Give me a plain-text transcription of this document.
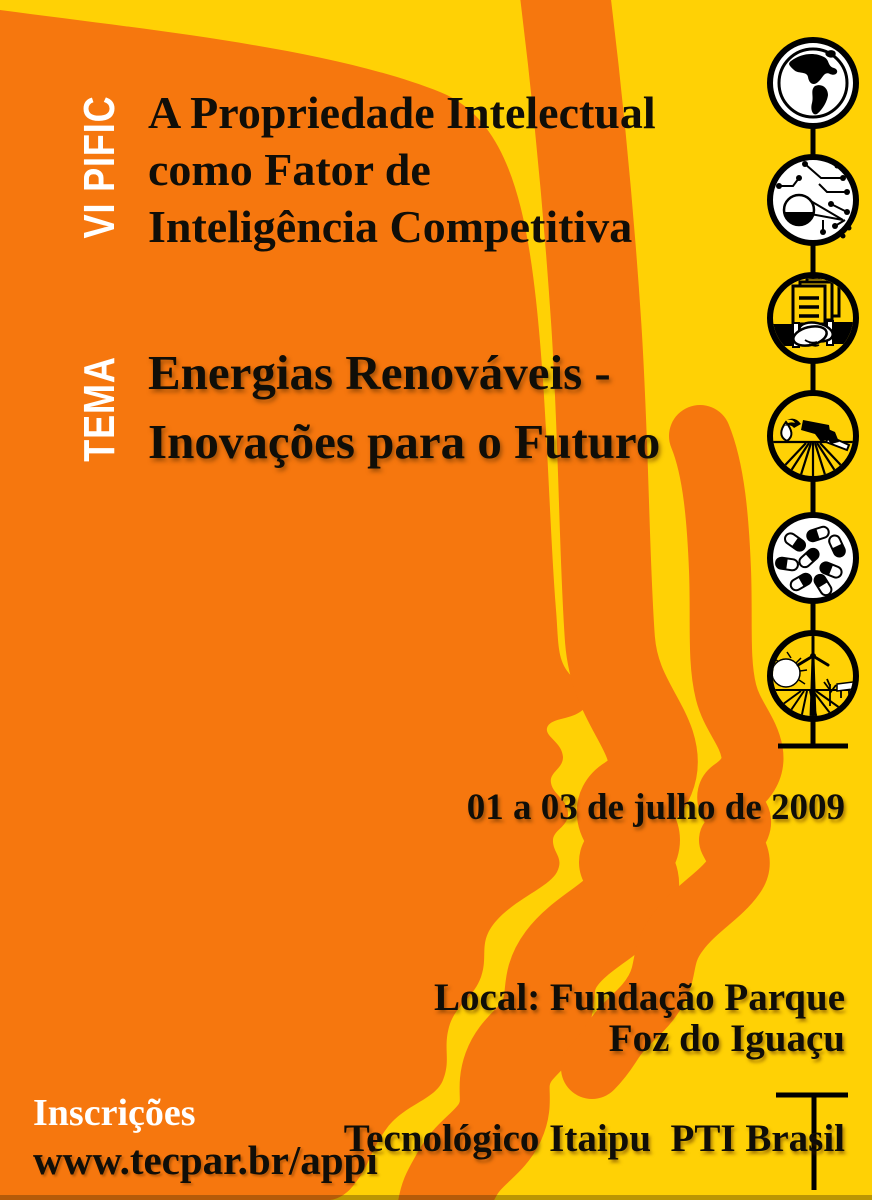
VI PIFIC
TEMA
A Propriedade Intelectual
como Fator de
Inteligência Competitiva
Energias Renováveis -
Inovações para o Futuro
01 a 03 de julho de 2009

Local: Fundação Parque

Tecnológico Itaipu  PTI Brasil

Foz do Iguaçu
Inscrições
www.tecpar.br/appi
